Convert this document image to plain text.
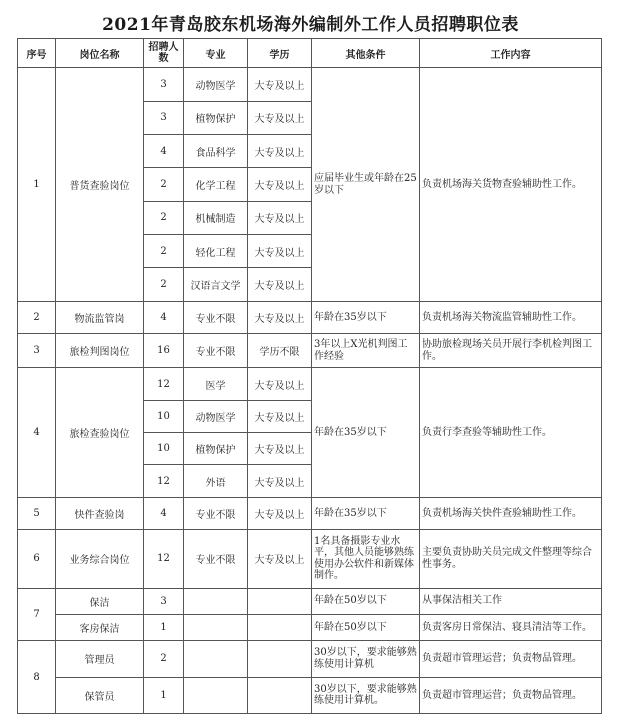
2021年青岛胶东机场海外编制外工作人员招聘职位表
序号	岗位名称	招聘人数	专业	学历	其他条件	工作内容
1	普货查验岗位	3	动物医学	大专及以上	应届毕业生或年龄在25岁以下	负责机场海关货物查验辅助性工作。
		3	植物保护	大专及以上		
		4	食品科学	大专及以上		
		2	化学工程	大专及以上		
		2	机械制造	大专及以上		
		2	轻化工程	大专及以上		
		2	汉语言文学	大专及以上		
2	物流监管岗	4	专业不限	大专及以上	年龄在35岁以下	负责机场海关物流监管辅助性工作。
3	旅检判图岗位	16	专业不限	学历不限	3年以上X光机判图工作经验	协助旅检现场关员开展行李机检判图工作。
4	旅检查验岗位	12	医学	大专及以上	年龄在35岁以下	负责行李查验等辅助性工作。
		10	动物医学	大专及以上		
		10	植物保护	大专及以上		
		12	外语	大专及以上		
5	快件查验岗	4	专业不限	大专及以上	年龄在35岁以下	负责机场海关快件查验辅助性工作。
6	业务综合岗位	12	专业不限	大专及以上	1名具备摄影专业水平，其他人员能够熟练使用办公软件和新媒体制作。	主要负责协助关员完成文件整理等综合性事务。
7	保洁	3			年龄在50岁以下	从事保洁相关工作
	客房保洁	1			年龄在50岁以下	负责客房日常保洁、寝具清洁等工作。
8	管理员	2			30岁以下，要求能够熟练使用计算机	负责超市管理运营；负责物品管理。
	保管员	1			30岁以下，要求能够熟练使用计算机。	负责超市管理运营；负责物品管理。
